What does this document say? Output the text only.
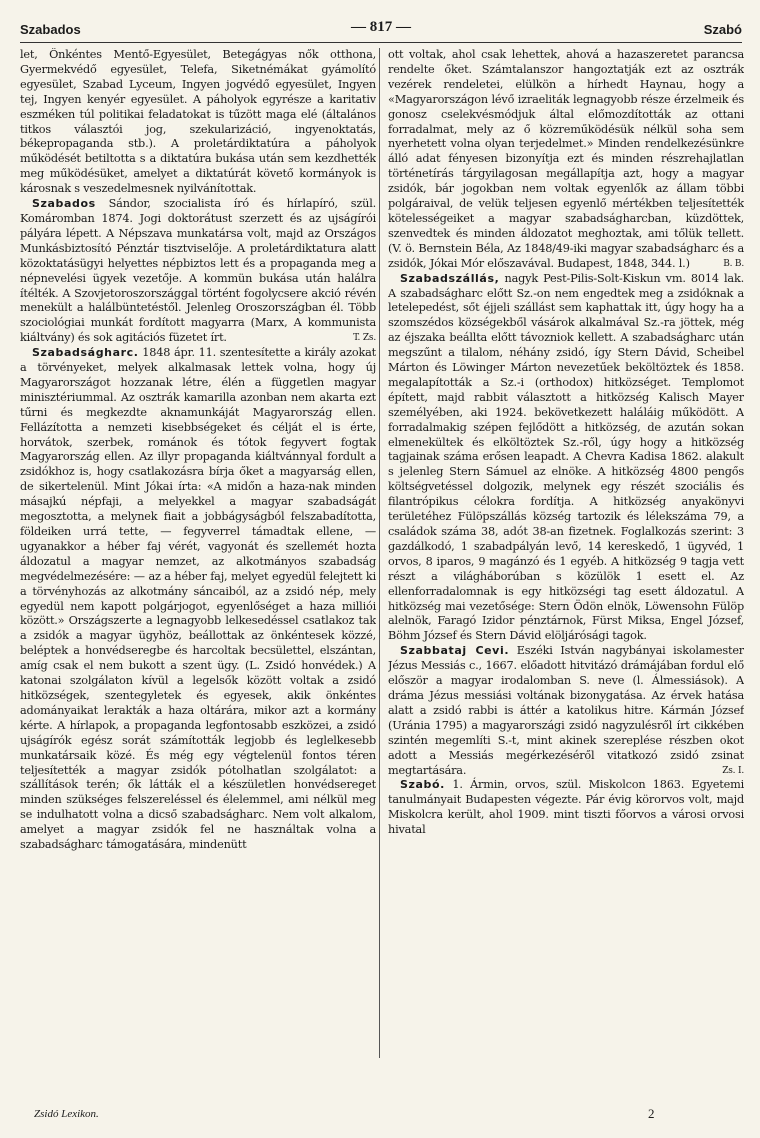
Szabados	— 817 —	Szabó

let, Önkéntes Mentő-Egyesület, Betegágyas nők otthona, Gyermekvédő egyesület, Telefa, Siketnémákat gyámolító egyesület, Szabad Lyceum, Ingyen jogvédő egyesület, Ingyen tej, Ingyen kenyér egyesület. A páholyok egyrésze a karitativ eszméken túl politikai feladatokat is tűzött maga elé (általános titkos választói jog, szekularizáció, ingyenoktatás, békepropaganda stb.). A proletárdiktatúra a páholyok működését betiltotta s a diktatúra bukása után sem kezdhették meg működésüket, amelyet a diktatúrát követő kormányok is károsnak s veszedelmesnek nyilvánítottak.

Szabados Sándor, szocialista író és hírlapíró, szül. Komáromban 1874. Jogi doktorátust szerzett és az ujságírói pályára lépett. A Népszava munkatársa volt, majd az Országos Munkásbiztosító Pénztár tisztviselője. A proletárdiktatura alatt közoktatásügyi helyettes népbiztos lett és a propaganda meg a népnevelési ügyek vezetője. A kommün bukása után halálra ítélték. A Szovjetoroszországgal történt fogolycsere akció révén menekült a halálbüntetéstől. Jelenleg Oroszországban él. Több szociológiai munkát fordított magyarra (Marx, A kommunista kiáltvány) és sok agitációs füzetet írt.	T. Zs.

Szabadságharc. 1848 ápr. 11. szentesítette a király azokat a törvényeket, melyek alkalmasak lettek volna, hogy új Magyarországot hozzanak létre, élén a független magyar minisztériummal. Az osztrák kamarilla azonban nem akarta ezt tűrni és megkezdte aknamunkáját Magyarország ellen. Fellázította a nemzeti kisebbségeket és célját el is érte, horvátok, szerbek, románok és tótok fegyvert fogtak Magyarország ellen. Az illyr propaganda kiáltvánnyal fordult a zsidókhoz is, hogy csatlakozásra bírja őket a magyarság ellen, de sikertelenül. Mint Jókai írta: «A midőn a haza-nak minden másajkú népfaji, a melyekkel a magyar szabadságát megosztotta, a melynek fiait a jobbágyságból felszabadította, földeiken urrá tette, — fegyverrel támadtak ellene, — ugyanakkor a héber faj vérét, vagyonát és szellemét hozta áldozatul a magyar nemzet, az alkotmányos szabadság megvédelmezésére: — az a héber faj, melyet egyedül felejtett ki a törvényhozás az alkotmány sáncaiból, az a zsidó nép, mely egyedül nem kapott polgárjogot, egyenlőséget a haza milliói között.» Országszerte a legnagyobb lelkesedéssel csatlakoz tak a zsidók a magyar ügyhöz, beállottak az önkéntesek közzé, beléptek a honvédseregbe és harcoltak becsülettel, elszántan, amíg csak el nem bukott a szent ügy. (L. Zsidó honvédek.) A katonai szolgálaton kívül a legelsők között voltak a zsidó hitközségek, szentegyletek és egyesek, akik önkéntes adományaikat lerakták a haza oltárára, mikor azt a kormány kérte. A hírlapok, a propaganda legfontosabb eszközei, a zsidó ujságírók egész sorát számították legjobb és leglelkesebb munkatársaik közé. És még egy végtelenül fontos téren teljesítették a magyar zsidók pótolhatlan szolgálatot: a szállítások terén; ők látták el a készületlen honvédsereget minden szükséges felszereléssel és élelemmel, ami nélkül meg se indulhatott volna a dicső szabadságharc. Nem volt alkalom, amelyet a magyar zsidók fel ne használtak volna a szabadságharc támogatására, mindenütt

ott voltak, ahol csak lehettek, ahová a hazaszeretet parancsa rendelte őket. Számtalanszor hangoztatják ezt az osztrák vezérek rendeletei, elülkön a hírhedt Haynau, hogy a «Magyarországon lévő izraeliták legnagyobb része érzelmeik és gonosz cselekvésmódjuk által előmozdították az ottani forradalmat, mely az ő közreműködésük nélkül soha sem nyerhetett volna olyan terjedelmet.» Minden rendelkezésünkre álló adat fényesen bizonyítja ezt és minden részrehajlatlan történetírás tárgyilagosan megállapítja azt, hogy a magyar zsidók, bár jogokban nem voltak egyenlők az állam többi polgáraival, de velük teljesen egyenlő mértékben teljesítették kötelességeiket a magyar szabadságharcban, küzdöttek, szenvedtek és minden áldozatot meghoztak, ami tőlük tellett. (V. ö. Bernstein Béla, Az 1848/49-iki magyar szabadságharc és a zsidók, Jókai Mór előszavával. Budapest, 1848, 344. l.)	B. B.

Szabadszállás, nagyk Pest-Pilis-Solt-Kiskun vm. 8014 lak. A szabadságharc előtt Sz.-on nem engedtek meg a zsidóknak a letelepedést, sőt éjjeli szállást sem kaphattak itt, úgy hogy ha a szomszédos községekből vásárok alkalmával Sz.-ra jöttek, még az éjszaka beállta előtt távozniok kellett. A szabadságharc után megszűnt a tilalom, néhány zsidó, így Stern Dávid, Scheibel Márton és Löwinger Márton nevezetűek beköltöztek és 1858. megalapították a Sz.-i (orthodox) hitközséget. Templomot épített, majd rabbit választott a hitközség Kalisch Mayer személyében, aki 1924. bekövetkezett haláláig működött. A forradalmakig szépen fejlődött a hitközség, de azután sokan elmenekültek és elköltöztek Sz.-ről, úgy hogy a hitközség tagjainak száma erősen leapadt. A Chevra Kadisa 1862. alakult s jelenleg Stern Sámuel az elnöke. A hitközség 4800 pengős költségvetéssel dolgozik, melynek egy részét szociális és filantrópikus célokra fordítja. A hitközség anyakönyvi területéhez Fülöpszállás község tartozik és lélekszáma 79, a családok száma 38, adót 38-an fizetnek. Foglalkozás szerint: 3 gazdálkodó, 1 szabadpályán levő, 14 kereskedő, 1 ügyvéd, 1 orvos, 8 iparos, 9 magánzó és 1 egyéb. A hitközség 9 tagja vett részt a világháborúban s közülök 1 esett el. Az ellenforradalomnak is egy hitközségi tag esett áldozatul. A hitközség mai vezetősége: Stern Ödön elnök, Löwensohn Fülöp alelnök, Faragó Izidor pénztárnok, Fürst Miksa, Engel József, Böhm József és Stern Dávid elöljárósági tagok.

Szabbataj Cevi. Eszéki István nagybányai iskolamester Jézus Messiás c., 1667. előadott hitvitázó drámájában fordul elő először a magyar irodalomban S. neve (l. Álmessiások). A dráma Jézus messiási voltának bizonygatása. Az érvek hatása alatt a zsidó rabbi is áttér a katolikus hitre. Kármán József (Uránia 1795) a magyarországi zsidó nagyzulésről írt cikkében szintén megemlíti S.-t, mint akinek szereplése részben okot adott a Messiás megérkezéséről vitatkozó zsidó zsinat megtartására.	Zs. I.

Szabó. 1. Ármin, orvos, szül. Miskolcon 1863. Egyetemi tanulmányait Budapesten végezte. Pár évig körorvos volt, majd Miskolcra került, ahol 1909. mint tiszti főorvos a városi orvosi hivatal

Zsidó Lexikon.	2
